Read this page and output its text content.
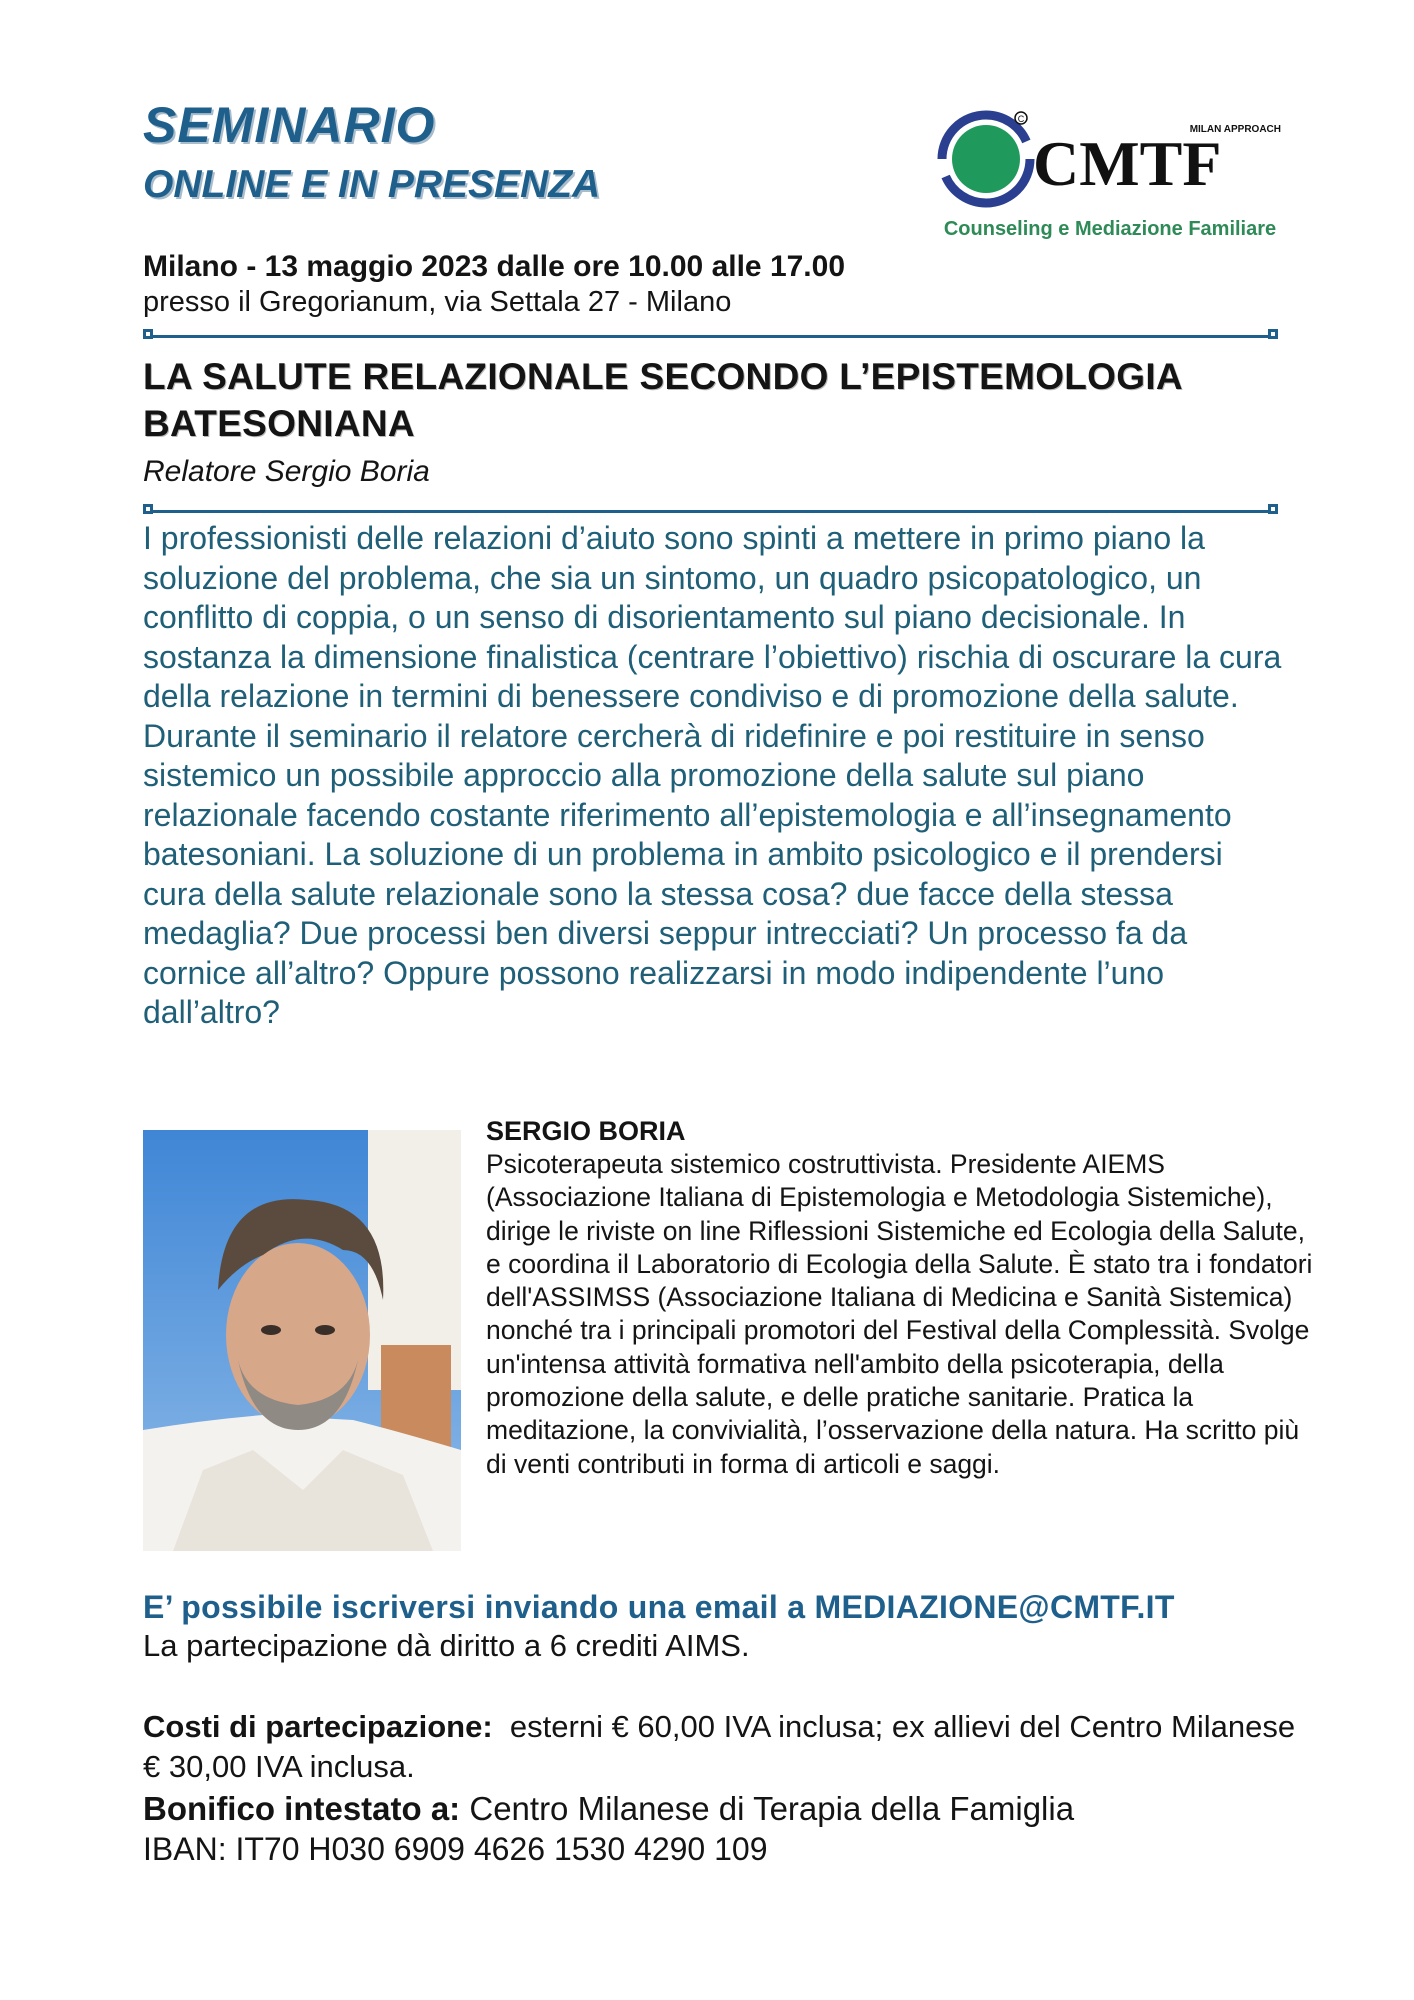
SEMINARIO
ONLINE E IN PRESENZA
Milano - 13 maggio 2023 dalle ore 10.00 alle 17.00
presso il Gregorianum, via Settala 27 - Milano
C
MILAN APPROACH
CMTF
Counseling e Mediazione Familiare
LA SALUTE RELAZIONALE SECONDO L’EPISTEMOLOGIA BATESONIANA
Relatore Sergio Boria

I professionisti delle relazioni d’aiuto sono spinti a mettere in primo piano la soluzione del problema, che sia un sintomo, un quadro psicopatologico, un conflitto di coppia, o un senso di disorientamento sul piano decisionale. In sostanza la dimensione finalistica (centrare l’obiettivo) rischia di oscurare la cura della relazione in termini di benessere condiviso e di promozione della salute.

Durante il seminario il relatore cercherà di ridefinire e poi restituire in senso sistemico un possibile approccio alla promozione della salute sul piano relazionale facendo costante riferimento all’epistemologia e all’insegnamento batesoniani. La soluzione di un problema in ambito psicologico e il prendersi cura della salute relazionale sono la stessa cosa? due facce della stessa medaglia? Due processi ben diversi seppur intrecciati? Un processo fa da cornice all’altro? Oppure possono realizzarsi in modo indipendente l’uno dall’altro?

SERGIO BORIA
Psicoterapeuta sistemico costruttivista. Presidente AIEMS (Associazione Italiana di Epistemologia e Metodologia Sistemiche), dirige le riviste on line Riflessioni Sistemiche ed Ecologia della Salute, e coordina il Laboratorio di Ecologia della Salute. È stato tra i fondatori dell'ASSIMSS (Associazione Italiana di Medicina e Sanità Sistemica) nonché tra i principali promotori del Festival della Complessità. Svolge un'intensa attività formativa nell'ambito della psicoterapia, della promozione della salute, e delle pratiche sanitarie. Pratica la meditazione, la convivialità, l’osservazione della natura. Ha scritto più di venti contributi in forma di articoli e saggi.
E’ possibile iscriversi inviando una email a MEDIAZIONE@CMTF.IT
La partecipazione dà diritto a 6 crediti AIMS.
Costi di partecipazione: esterni € 60,00 IVA inclusa; ex allievi del Centro Milanese € 30,00 IVA inclusa.
Bonifico intestato a: Centro Milanese di Terapia della Famiglia
IBAN: IT70 H030 6909 4626 1530 4290 109
